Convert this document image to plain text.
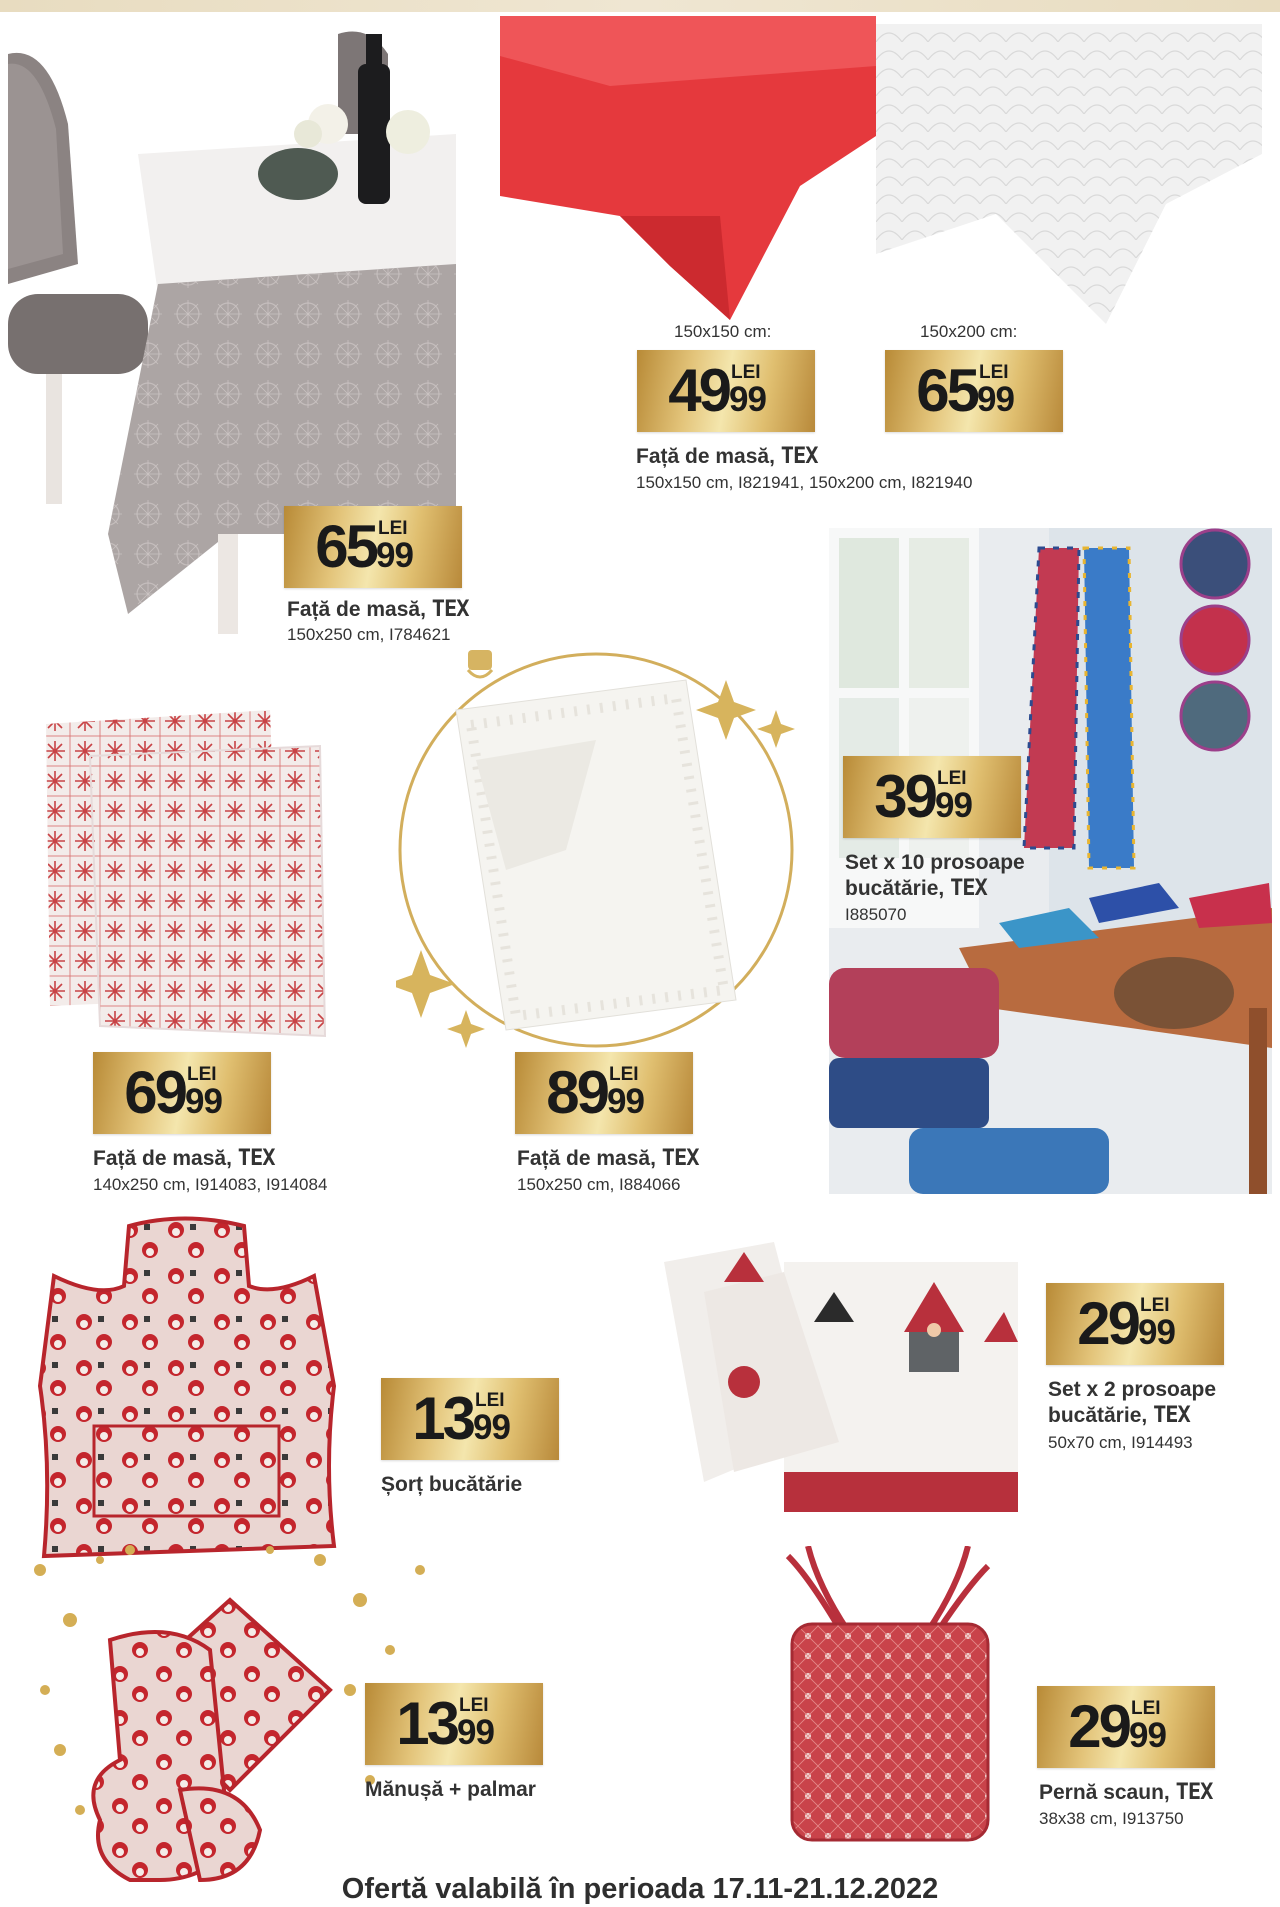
65 LEI
99
Față de masă, TEX
150x250 cm, I784621
150x150 cm:	150x200 cm:
49 LEI
99	65 LEI
99
Față de masă, TEX
150x150 cm, I821941, 150x200 cm, I821940
39 LEI
99
Set x 10 prosoape
bucătărie, TEX
I885070
69 LEI
99
Față de masă, TEX
140x250 cm, I914083, I914084
89 LEI
99
Față de masă, TEX
150x250 cm, I884066
13 LEI
99
Șorț bucătărie
29 LEI
99
Set x 2 prosoape
bucătărie, TEX
50x70 cm, I914493
13 LEI
99
Mănușă + palmar
29 LEI
99
Pernă scaun, TEX
38x38 cm, I913750
Ofertă valabilă în perioada 17.11-21.12.2022
